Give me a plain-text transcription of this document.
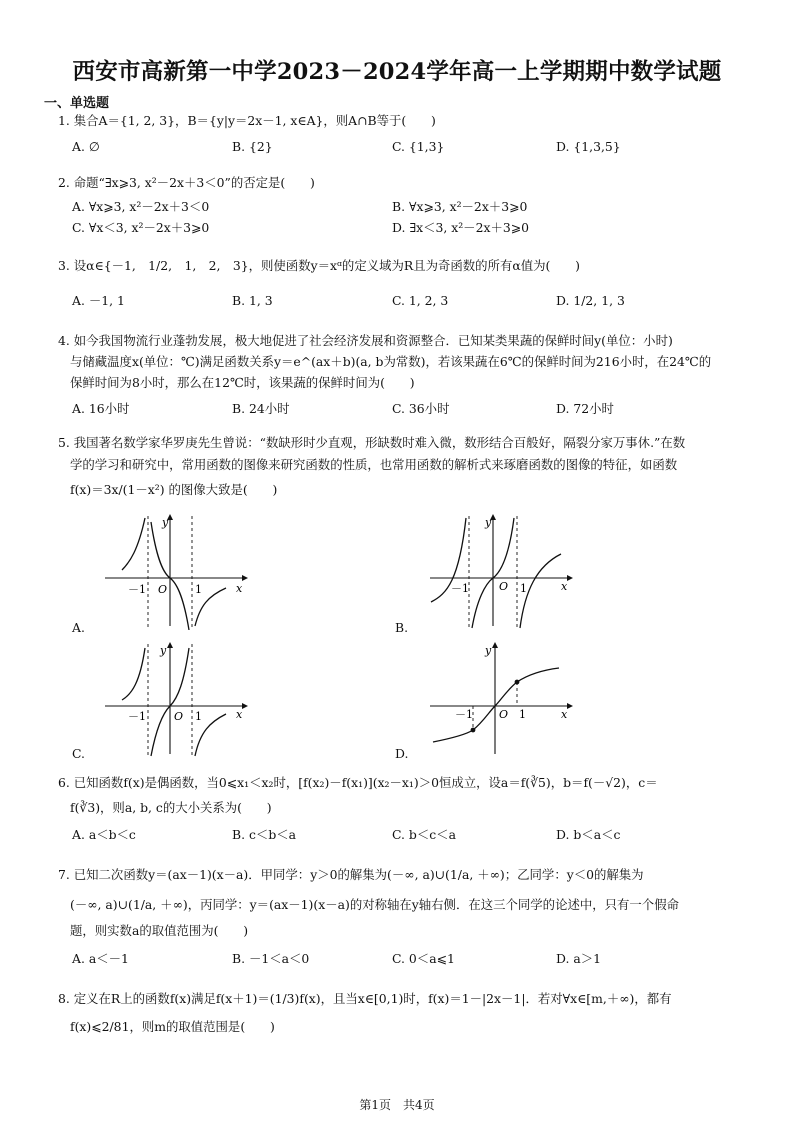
西安市高新第一中学2023－2024学年高一上学期期中数学试题
一、单选题
1. 集合A＝{1, 2, 3}，B＝{y|y＝2x－1, x∈A}，则A∩B等于(　　)
A. ∅	B. {2}	C. {1,3}	D. {1,3,5}
2. 命题“∃x⩾3, x²－2x＋3＜0”的否定是(　　)
A. ∀x⩾3, x²－2x＋3＜0	B. ∀x⩾3, x²－2x＋3⩾0
C. ∀x＜3, x²－2x＋3⩾0	D. ∃x＜3, x²－2x＋3⩾0
3. 设α∈{－1,　1/2,　1,　2,　3}，则使函数y＝xᵅ的定义域为R且为奇函数的所有α值为(　　)
A. －1, 1	B. 1, 3	C. 1, 2, 3	D. 1/2, 1, 3
4. 如今我国物流行业蓬勃发展，极大地促进了社会经济发展和资源整合．已知某类果蔬的保鲜时间y(单位：小时)
与储藏温度x(单位：℃)满足函数关系y＝e^(ax＋b)(a, b为常数)，若该果蔬在6℃的保鲜时间为216小时，在24℃的
保鲜时间为8小时，那么在12℃时，该果蔬的保鲜时间为(　　)
A. 16小时	B. 24小时	C. 36小时	D. 72小时
5. 我国著名数学家华罗庚先生曾说：“数缺形时少直观，形缺数时难入微，数形结合百般好，隔裂分家万事休.”在数
学的学习和研究中，常用函数的图像来研究函数的性质，也常用函数的解析式来琢磨函数的图像的特征，如函数
f(x)＝3x/(1－x²) 的图像大致是(　　)
A.
y
x
O
－1	1
B.
y
x
O
－1	1
C.
y
x
O
－1	1
D.
y
x
O
－1	1
6. 已知函数f(x)是偶函数，当0⩽x₁＜x₂时，[f(x₂)－f(x₁)](x₂－x₁)＞0恒成立，设a＝f(∛5)，b＝f(－√2)，c＝
f(∛3)，则a, b, c的大小关系为(　　)
A. a＜b＜c	B. c＜b＜a	C. b＜c＜a	D. b＜a＜c
7. 已知二次函数y＝(ax－1)(x－a)．甲同学：y＞0的解集为(－∞, a)∪(1/a, ＋∞)；乙同学：y＜0的解集为
(－∞, a)∪(1/a, ＋∞)，丙同学：y＝(ax－1)(x－a)的对称轴在y轴右侧．在这三个同学的论述中，只有一个假命
题，则实数a的取值范围为(　　)
A. a＜－1	B. －1＜a＜0	C. 0＜a⩽1	D. a＞1
8. 定义在R上的函数f(x)满足f(x＋1)＝(1/3)f(x)，且当x∈[0,1)时，f(x)＝1－|2x－1|．若对∀x∈[m,＋∞)，都有
f(x)⩽2/81，则m的取值范围是(　　)
第1页　共4页
